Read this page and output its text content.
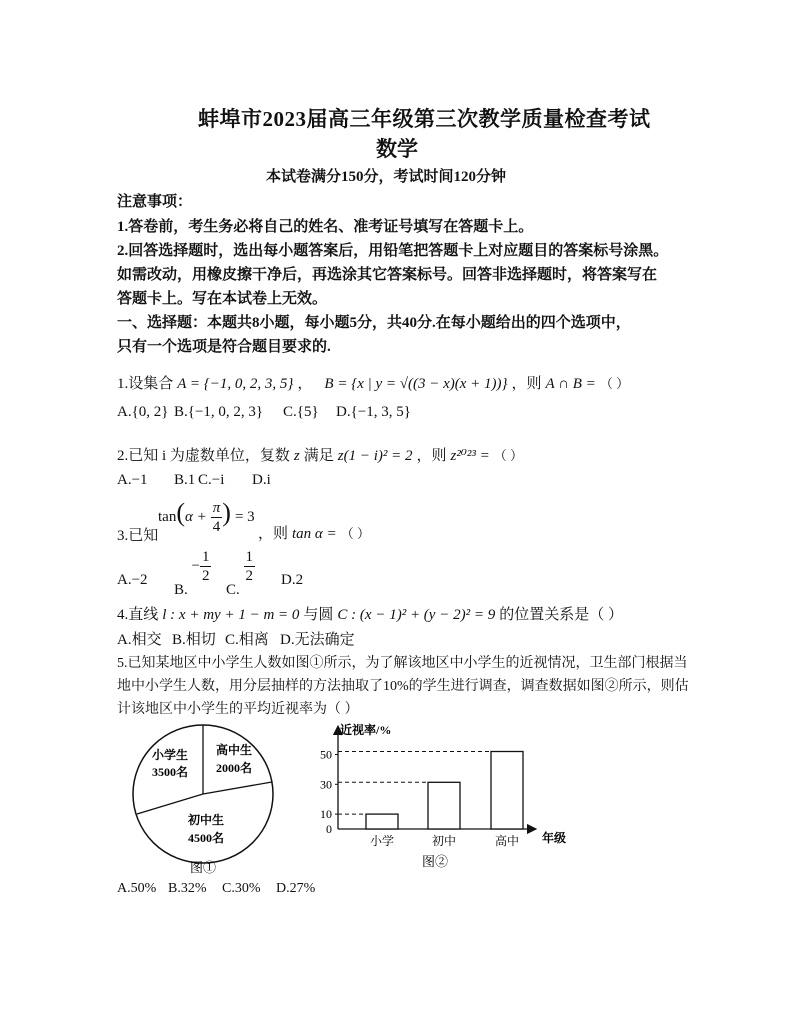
蚌埠市2023届高三年级第三次教学质量检查考试
数学
本试卷满分150分，考试时间120分钟
注意事项：
1.答卷前，考生务必将自己的姓名、准考证号填写在答题卡上。
2.回答选择题时，选出每小题答案后，用铅笔把答题卡上对应题目的答案标号涂黑。
如需改动，用橡皮擦干净后，再选涂其它答案标号。回答非选择题时，将答案写在
答题卡上。写在本试卷上无效。
一、选择题：本题共8小题，每小题5分，共40分.在每小题给出的四个选项中，
只有一个选项是符合题目要求的.
1.设集合 A = {−1, 0, 2, 3, 5} ， B = {x | y = √((3 − x)(x + 1))} ，则 A ∩ B = （ ）
A.{0, 2} B.{−1, 0, 2, 3} C.{5} D.{−1, 3, 5}
2.已知 i 为虚数单位，复数 z 满足 z(1 − i)² = 2 ，则 z²⁰²³ = （ ）
A.−1 B.1 C.−i D.i
$\tan(\alpha + \frac{\pi}{4}$ ) = 3
3.已知	，则 tan α = （ ）
A.−2
B. − $\frac{1}{2}$
C.
$\frac{1}{2} D.2$
4.直线 l : x + my + 1 − m = 0 与圆 C : (x − 1)² + (y − 2)² = 9 的位置关系是（ ）
A.相交 B.相切 C.相离 D.无法确定
5.已知某地区中小学生人数如图①所示，为了解该地区中小学生的近视情况，卫生部门根据当
地中小学生人数，用分层抽样的方法抽取了10%的学生进行调查，调查数据如图②所示，则估
计该地区中小学生的平均近视率为（ ）
小学生
3500名
高中生
2000名
初中生
4500名
图①
近视率/%
年级
图②
0
10
30
50
小学	初中	高中
A.50% B.32% C.30% D.27%
